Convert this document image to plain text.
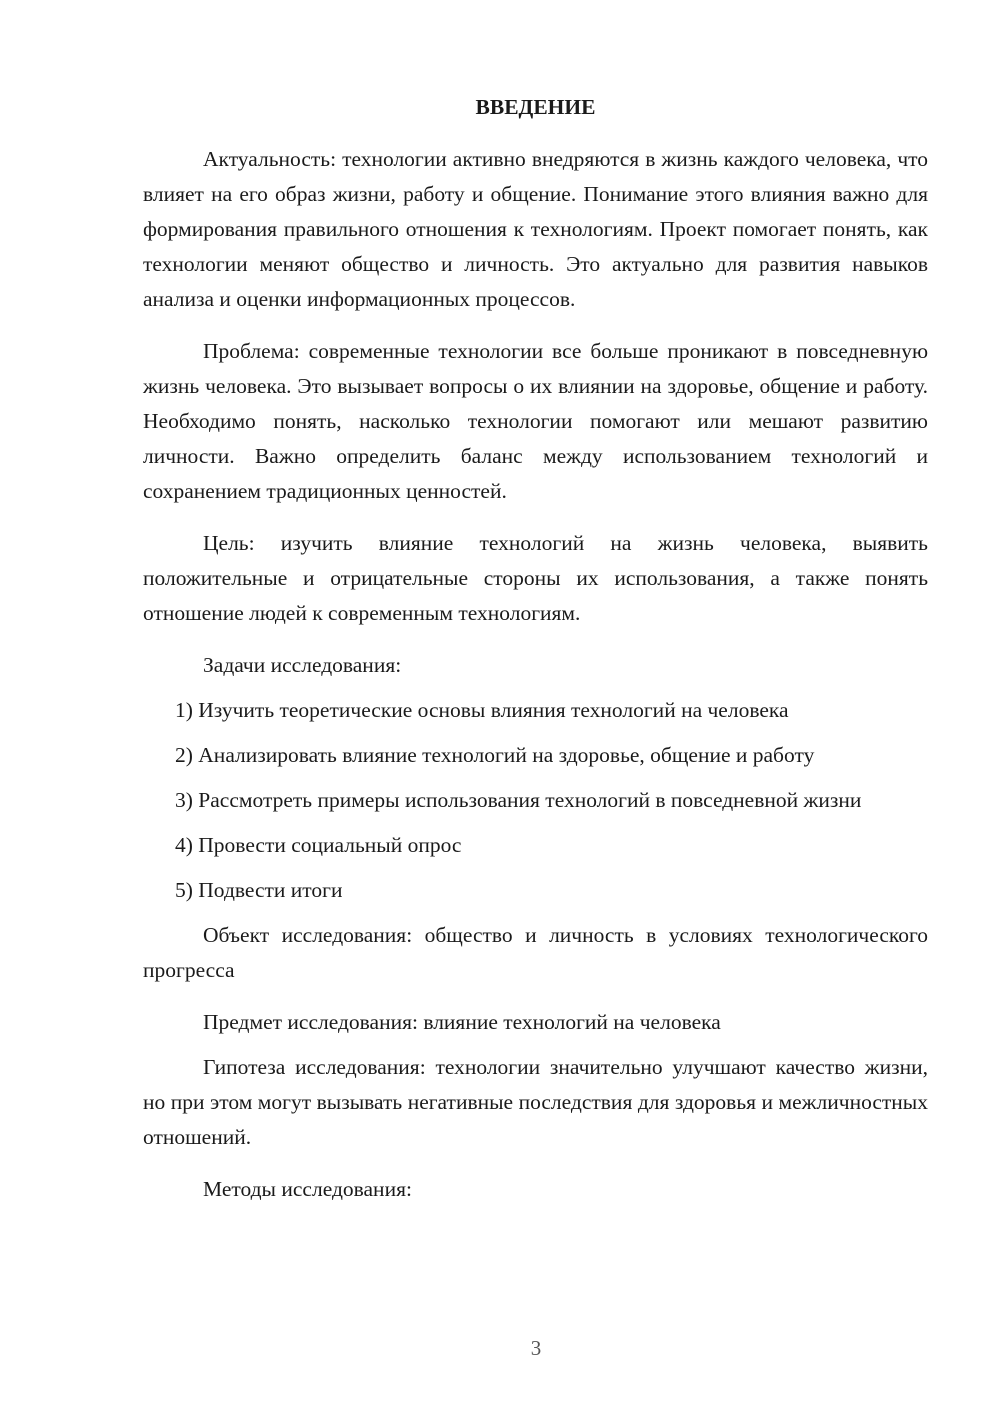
ВВЕДЕНИЕ

Актуальность: технологии активно внедряются в жизнь каждого человека, что влияет на его образ жизни, работу и общение. Понимание этого влияния важно для формирования правильного отношения к технологиям. Проект помогает понять, как технологии меняют общество и личность. Это актуально для развития навыков анализа и оценки информационных процессов.

Проблема: современные технологии все больше проникают в повседневную жизнь человека. Это вызывает вопросы о их влиянии на здоровье, общение и работу. Необходимо понять, насколько технологии помогают или мешают развитию личности. Важно определить баланс между использованием технологий и сохранением традиционных ценностей.

Цель: изучить влияние технологий на жизнь человека, выявить положительные и отрицательные стороны их использования, а также понять отношение людей к современным технологиям.

Задачи исследования:

1) Изучить теоретические основы влияния технологий на человека

2) Анализировать влияние технологий на здоровье, общение и работу

3) Рассмотреть примеры использования технологий в повседневной жизни

4) Провести социальный опрос

5) Подвести итоги

Объект исследования: общество и личность в условиях технологического прогресса

Предмет исследования: влияние технологий на человека

Гипотеза исследования: технологии значительно улучшают качество жизни, но при этом могут вызывать негативные последствия для здоровья и межличностных отношений.

Методы исследования:

3
